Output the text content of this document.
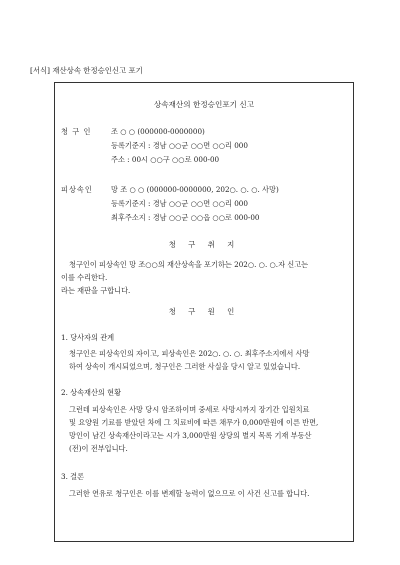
[서식] 재산상속 한정승인신고 포기
상속재산의 한정승인포기 신고
청 구 인	조 ○ ○ (000000-0000000)
등록기준지 : 경남 ○○군 ○○면 ○○리 000
주소 : 00시 ○○구 ○○로 000-00
피상속인	망 조 ○ ○ (000000-0000000, 202○. ○. ○. 사망)
등록기준지 : 경남 ○○군 ○○면 ○○리 000
최후주소지 : 경남 ○○군 ○○읍 ○○로 000-00
청 구 취 지

청구인이 피상속인 망 조○○의 재산상속을 포기하는 202○. ○. ○.자 신고는

이를 수리한다.

라는 재판을 구합니다.

청 구 원 인
1. 당사자의 관계

청구인은 피상속인의 자이고, 피상속인은 202○. ○. ○. 최후주소지에서 사망

하여 상속이 개시되었으며, 청구인은 그러한 사실을 당시 알고 있었습니다.

2. 상속재산의 현황

그런데 피상속인은 사망 당시 암조하이며 중세로 사망시까지 장기간 입원치료

및 요양원 기료를 받았던 차에 그 치료비에 따른 채무가 0,000만원에 이른 반면,

망인이 남긴 상속재산이라고는 시가 3,000만원 상당의 별지 목록 기재 부동산

(전)이 전부입니다.

3. 결론

그러한 연유로 청구인은 이를 변제할 능력이 없으므로 이 사건 신고를 합니다.
